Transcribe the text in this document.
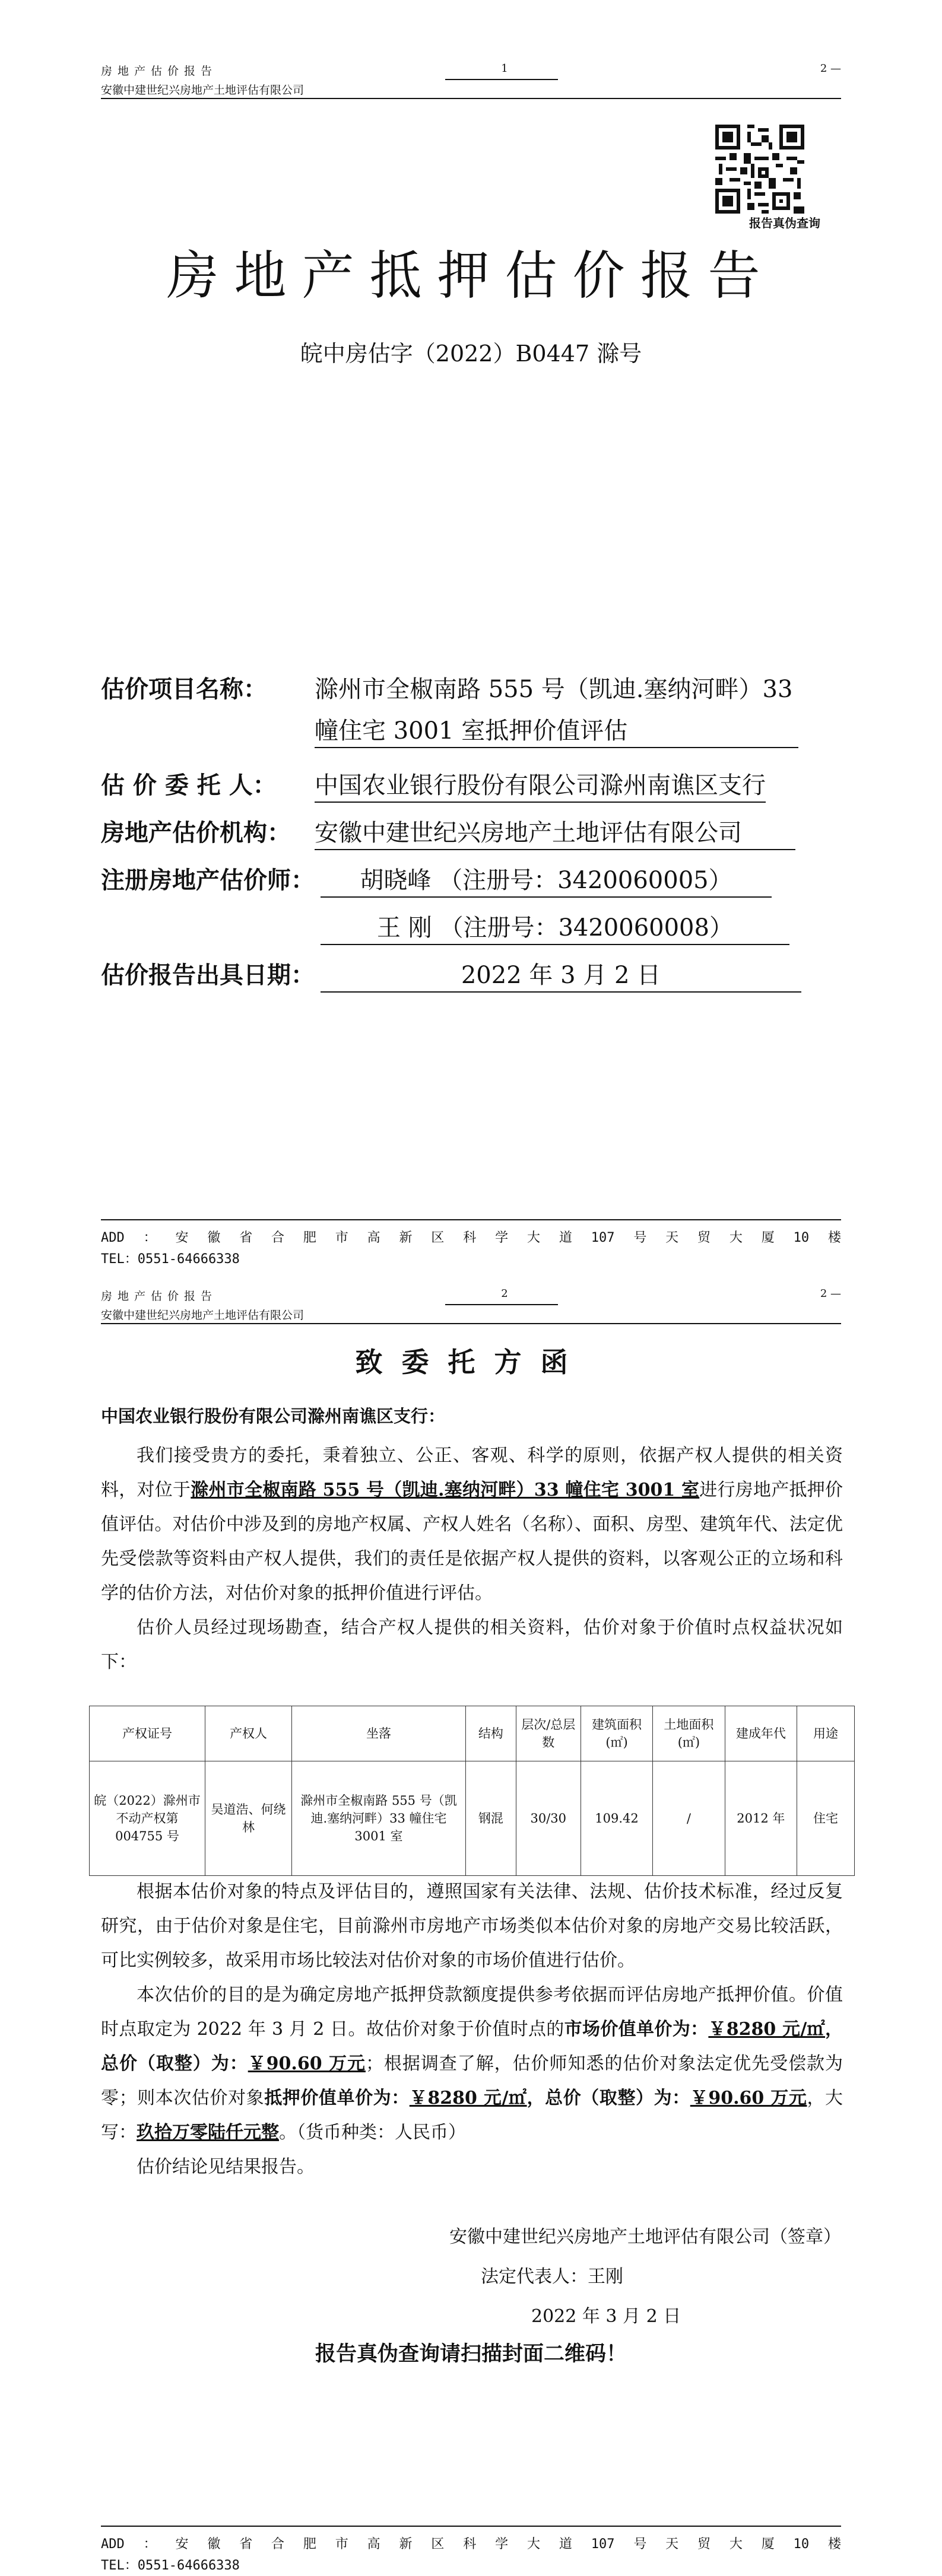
房地产估价报告
安徽中建世纪兴房地产土地评估有限公司
1	2 —
报告真伪查询
房地产抵押估价报告
皖中房估字（2022）B0447 滁号
估价项目名称： 滁州市全椒南路 555 号（凯迪.塞纳河畔）33
幢住宅 3001 室抵押价值评估
估 价 委 托 人： 中国农业银行股份有限公司滁州南谯区支行
房地产估价机构： 安徽中建世纪兴房地产土地评估有限公司
注册房地产估价师：	胡晓峰 （注册号：3420060005）
王 刚 （注册号：3420060008）
估价报告出具日期：	2022 年 3 月 2 日
ADD：安徽省合肥市高新区科学大道107号天贸大厦10楼
TEL：0551-64666338
房地产估价报告
安徽中建世纪兴房地产土地评估有限公司
2	2 —
致委托方函
中国农业银行股份有限公司滁州南谯区支行：

我们接受贵方的委托，秉着独立、公正、客观、科学的原则，依据产权人提供的相关资料，对位于滁州市全椒南路 555 号（凯迪.塞纳河畔）33 幢住宅 3001 室进行房地产抵押价值评估。对估价中涉及到的房地产权属、产权人姓名（名称）、面积、房型、建筑年代、法定优先受偿款等资料由产权人提供，我们的责任是依据产权人提供的资料，以客观公正的立场和科学的估价方法，对估价对象的抵押价值进行评估。

估价人员经过现场勘查，结合产权人提供的相关资料，估价对象于价值时点权益状况如下：

产权证号	产权人	坐落	结构	层次/总层数	建筑面积(㎡)	土地面积(㎡)	建成年代	用途
皖（2022）滁州市不动产权第 004755 号	吴道浩、何绕林	滁州市全椒南路 555 号（凯迪.塞纳河畔）33 幢住宅 3001 室	钢混	30/30	109.42	/	2012 年	住宅

根据本估价对象的特点及评估目的，遵照国家有关法律、法规、估价技术标准，经过反复研究，由于估价对象是住宅，目前滁州市房地产市场类似本估价对象的房地产交易比较活跃，可比实例较多，故采用市场比较法对估价对象的市场价值进行估价。

本次估价的目的是为确定房地产抵押贷款额度提供参考依据而评估房地产抵押价值。价值时点取定为 2022 年 3 月 2 日。故估价对象于价值时点的市场价值单价为：￥8280 元/㎡，总价（取整）为：￥90.60 万元；根据调查了解，估价师知悉的估价对象法定优先受偿款为零；则本次估价对象抵押价值单价为：￥8280 元/㎡，总价（取整）为：￥90.60 万元，大写：玖拾万零陆仟元整。（货币种类：人民币）

估价结论见结果报告。

安徽中建世纪兴房地产土地评估有限公司（签章）
法定代表人：王刚
2022 年 3 月 2 日
报告真伪查询请扫描封面二维码！
ADD：安徽省合肥市高新区科学大道107号天贸大厦10楼
TEL：0551-64666338
